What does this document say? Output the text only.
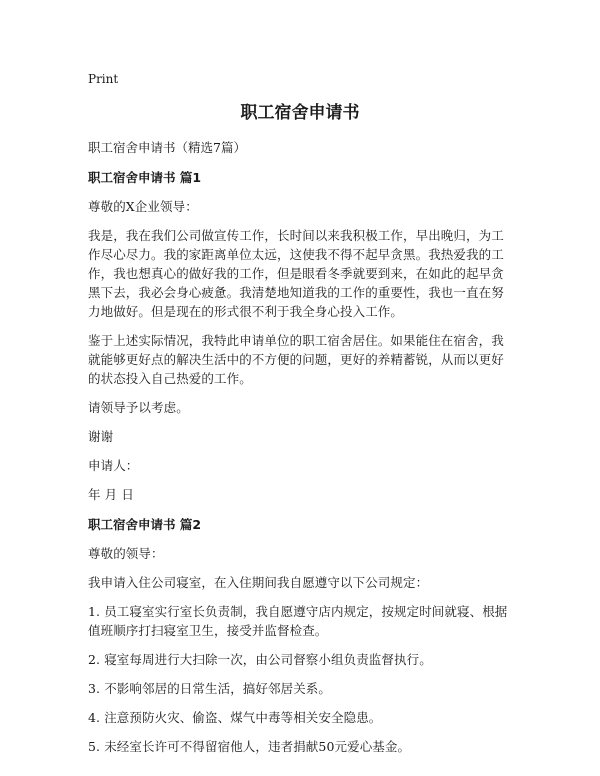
Print

职工宿舍申请书

职工宿舍申请书（精选7篇）

职工宿舍申请书 篇1

尊敬的X企业领导：

我是，我在我们公司做宣传工作，长时间以来我积极工作，早出晚归，为工作尽心尽力。我的家距离单位太远，这使我不得不起早贪黑。我热爱我的工作，我也想真心的做好我的工作，但是眼看冬季就要到来，在如此的起早贪黑下去，我必会身心疲惫。我清楚地知道我的工作的重要性，我也一直在努力地做好。但是现在的形式很不利于我全身心投入工作。

鉴于上述实际情况，我特此申请单位的职工宿舍居住。如果能住在宿舍，我就能够更好点的解决生活中的不方便的问题，更好的养精蓄锐，从而以更好的状态投入自己热爱的工作。

请领导予以考虑。

谢谢

申请人：

年 月 日

职工宿舍申请书 篇2

尊敬的领导：

我申请入住公司寝室，在入住期间我自愿遵守以下公司规定：

1. 员工寝室实行室长负责制，我自愿遵守店内规定，按规定时间就寝、根据值班顺序打扫寝室卫生，接受并监督检查。

2. 寝室每周进行大扫除一次，由公司督察小组负责监督执行。

3. 不影响邻居的日常生活，搞好邻居关系。

4. 注意预防火灾、偷盗、煤气中毒等相关安全隐患。

5. 未经室长许可不得留宿他人，违者捐献50元爱心基金。
